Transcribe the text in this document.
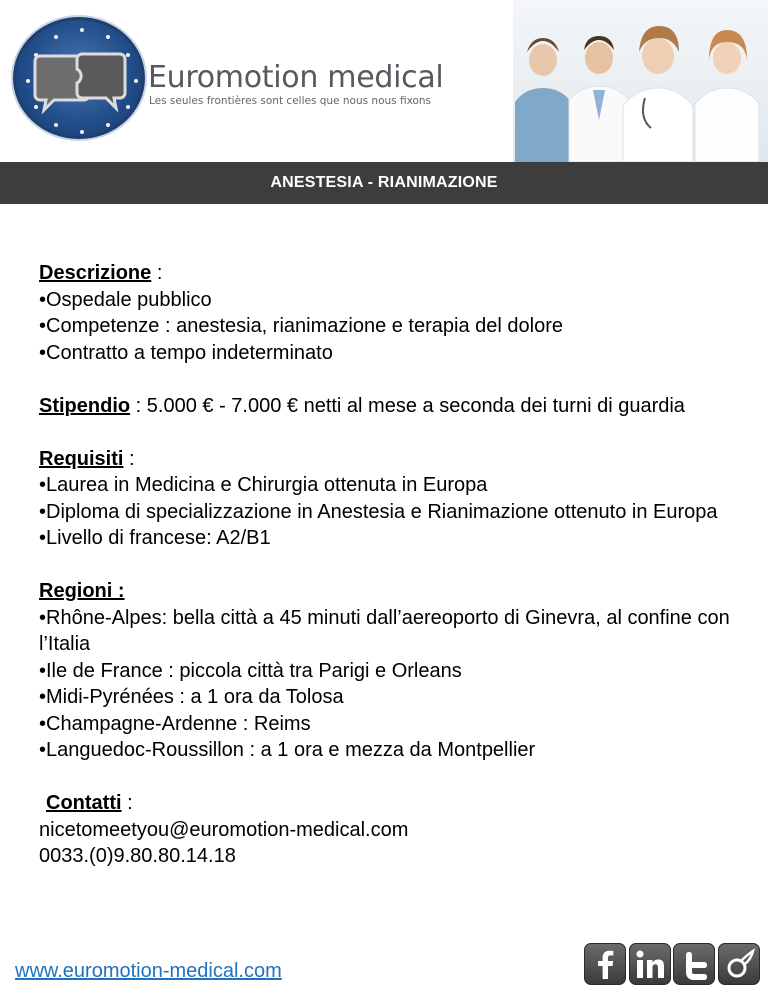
Euromotion medical
Les seules frontières sont celles que nous nous fixons
ANESTESIA - RIANIMAZIONE
Descrizione :
•Ospedale pubblico
•Competenze : anestesia, rianimazione e terapia del dolore
•Contratto a tempo indeterminato
Stipendio : 5.000 € - 7.000 € netti al mese a seconda dei turni di guardia
Requisiti :
•Laurea in Medicina e Chirurgia ottenuta in Europa
•Diploma di specializzazione in Anestesia e Rianimazione ottenuto in Europa
•Livello di francese: A2/B1
Regioni :
•Rhône-Alpes: bella città a 45 minuti dall’aereoporto di Ginevra, al confine con l’Italia
•Ile de France : piccola città tra Parigi e Orleans
•Midi-Pyrénées : a 1 ora da Tolosa
•Champagne-Ardenne : Reims
•Languedoc-Roussillon : a 1 ora e mezza da Montpellier
Contatti :
nicetomeetyou@euromotion-medical.com
0033.(0)9.80.80.14.18
www.euromotion-medical.com
